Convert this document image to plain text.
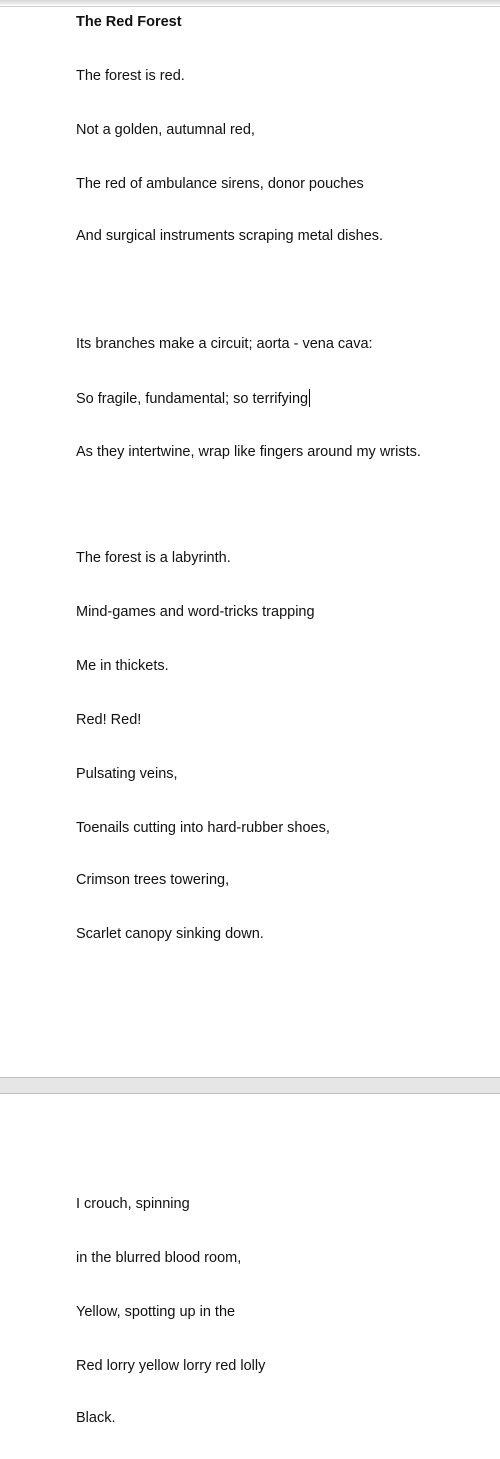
The Red Forest
The forest is red.
Not a golden, autumnal red,
The red of ambulance sirens, donor pouches
And surgical instruments scraping metal dishes.
Its branches make a circuit; aorta - vena cava:
So fragile, fundamental; so terrifying
As they intertwine, wrap like fingers around my wrists.
The forest is a labyrinth.
Mind-games and word-tricks trapping
Me in thickets.
Red! Red!
Pulsating veins,
Toenails cutting into hard-rubber shoes,
Crimson trees towering,
Scarlet canopy sinking down.
I crouch, spinning
in the blurred blood room,
Yellow, spotting up in the
Red lorry yellow lorry red lolly
Black.
